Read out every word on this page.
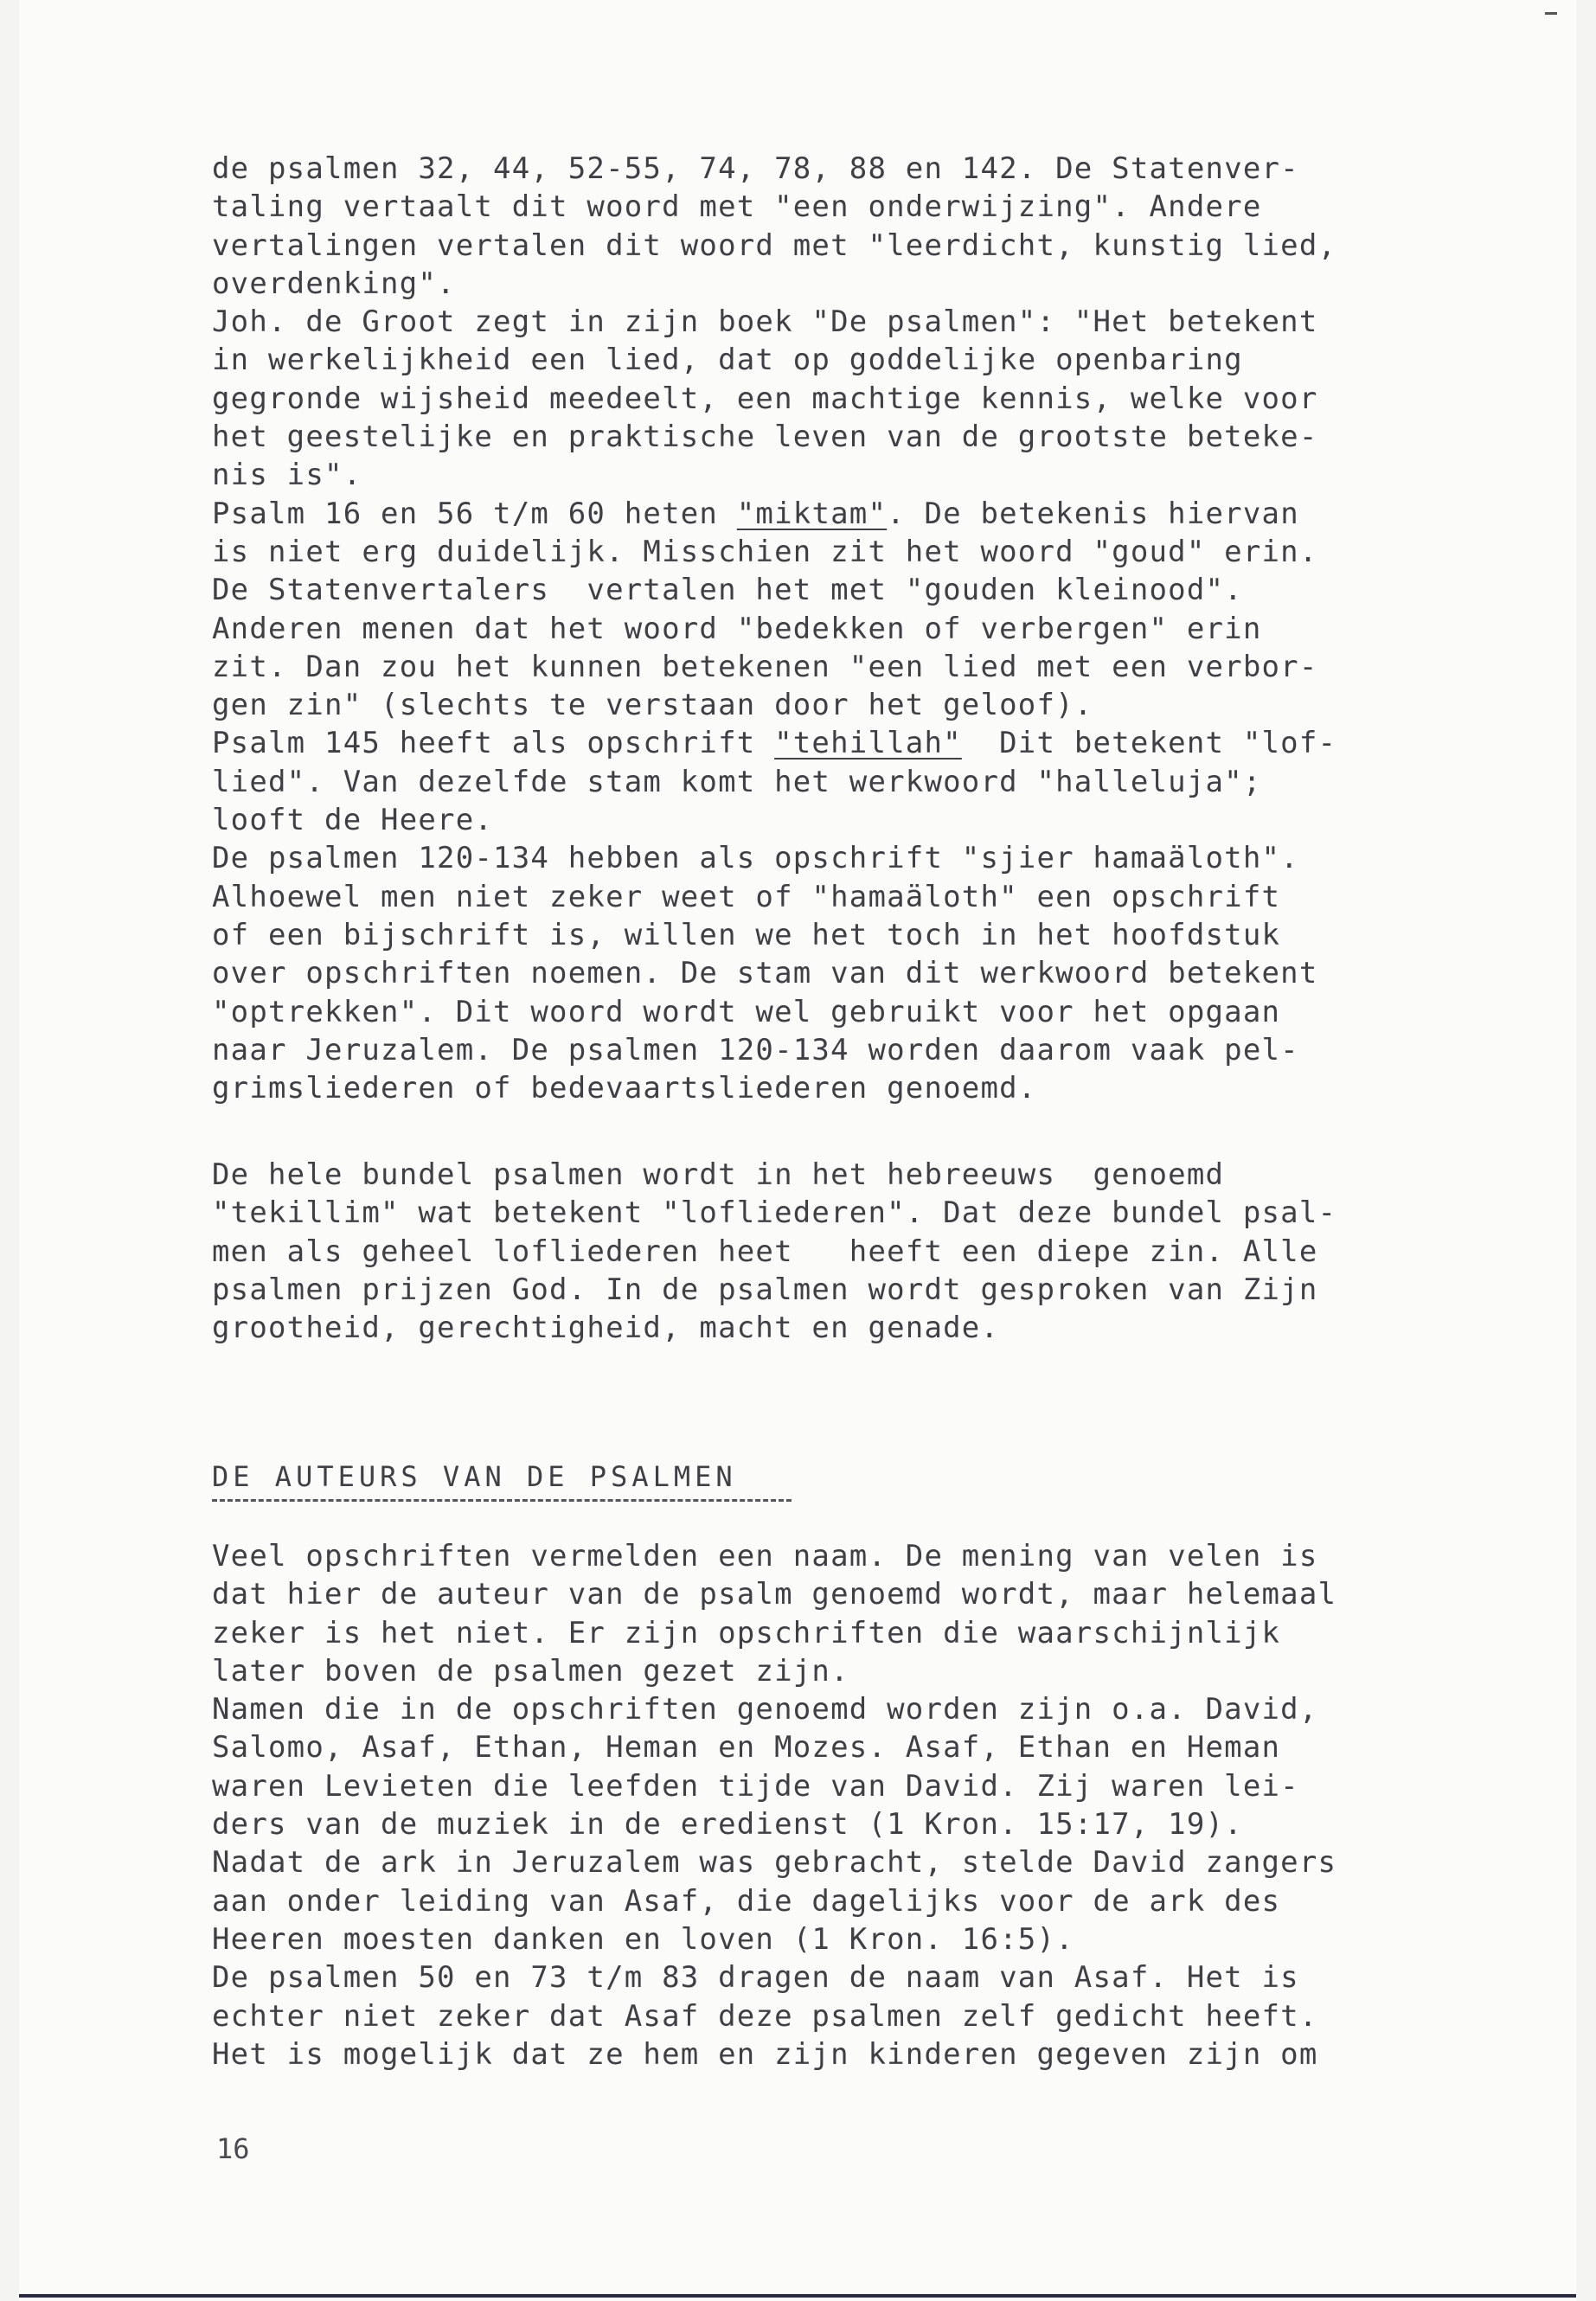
de psalmen 32, 44, 52-55, 74, 78, 88 en 142. De Statenver-
taling vertaalt dit woord met "een onderwijzing". Andere
vertalingen vertalen dit woord met "leerdicht, kunstig lied,
overdenking".
Joh. de Groot zegt in zijn boek "De psalmen": "Het betekent
in werkelijkheid een lied, dat op goddelijke openbaring
gegronde wijsheid meedeelt, een machtige kennis, welke voor
het geestelijke en praktische leven van de grootste beteke-
nis is".
Psalm 16 en 56 t/m 60 heten "miktam". De betekenis hiervan
is niet erg duidelijk. Misschien zit het woord "goud" erin.
De Statenvertalers  vertalen het met "gouden kleinood".
Anderen menen dat het woord "bedekken of verbergen" erin
zit. Dan zou het kunnen betekenen "een lied met een verbor-
gen zin" (slechts te verstaan door het geloof).
Psalm 145 heeft als opschrift "tehillah"  Dit betekent "lof-
lied". Van dezelfde stam komt het werkwoord "halleluja";
looft de Heere.
De psalmen 120-134 hebben als opschrift "sjier hamaäloth".
Alhoewel men niet zeker weet of "hamaäloth" een opschrift
of een bijschrift is, willen we het toch in het hoofdstuk
over opschriften noemen. De stam van dit werkwoord betekent
"optrekken". Dit woord wordt wel gebruikt voor het opgaan
naar Jeruzalem. De psalmen 120-134 worden daarom vaak pel-
grimsliederen of bedevaartsliederen genoemd.
De hele bundel psalmen wordt in het hebreeuws  genoemd
"tekillim" wat betekent "lofliederen". Dat deze bundel psal-
men als geheel lofliederen heet   heeft een diepe zin. Alle
psalmen prijzen God. In de psalmen wordt gesproken van Zijn
grootheid, gerechtigheid, macht en genade.
DE AUTEURS VAN DE PSALMEN
Veel opschriften vermelden een naam. De mening van velen is
dat hier de auteur van de psalm genoemd wordt, maar helemaal
zeker is het niet. Er zijn opschriften die waarschijnlijk
later boven de psalmen gezet zijn.
Namen die in de opschriften genoemd worden zijn o.a. David,
Salomo, Asaf, Ethan, Heman en Mozes. Asaf, Ethan en Heman
waren Levieten die leefden tijde van David. Zij waren lei-
ders van de muziek in de eredienst (1 Kron. 15:17, 19).
Nadat de ark in Jeruzalem was gebracht, stelde David zangers
aan onder leiding van Asaf, die dagelijks voor de ark des
Heeren moesten danken en loven (1 Kron. 16:5).
De psalmen 50 en 73 t/m 83 dragen de naam van Asaf. Het is
echter niet zeker dat Asaf deze psalmen zelf gedicht heeft.
Het is mogelijk dat ze hem en zijn kinderen gegeven zijn om
16
